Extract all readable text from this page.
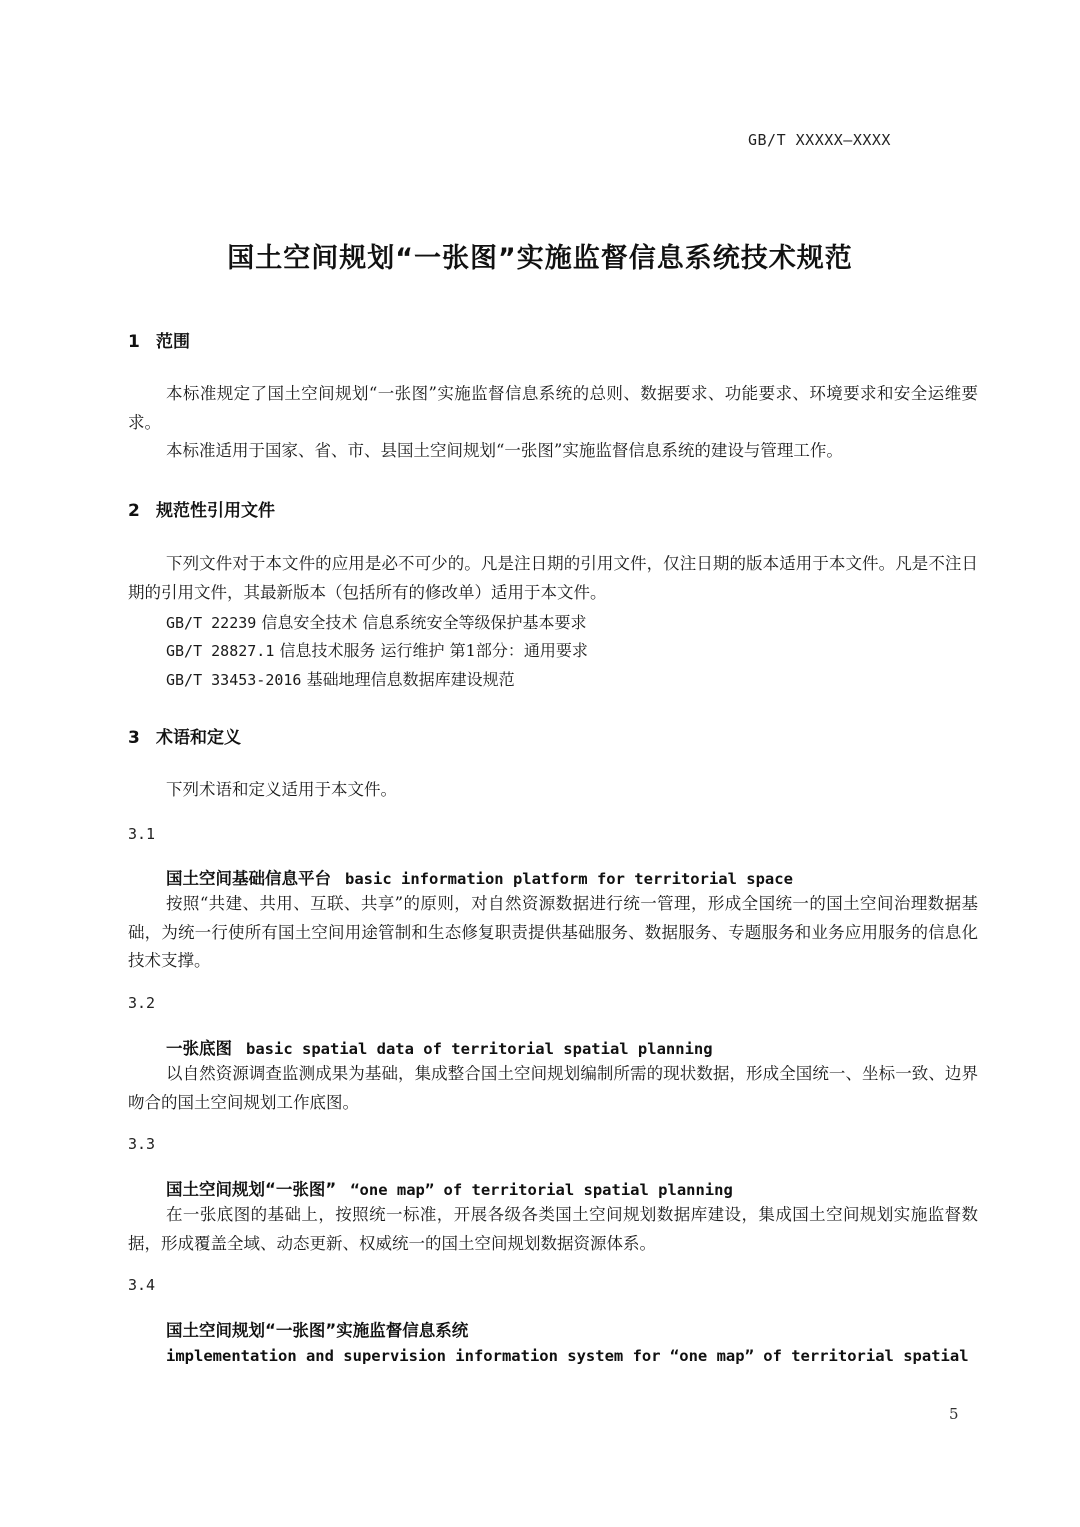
GB/T XXXXX—XXXX
国土空间规划“一张图”实施监督信息系统技术规范
1 范围
本标准规定了国土空间规划“一张图”实施监督信息系统的总则、数据要求、功能要求、环境要求和安全运维要求。
本标准适用于国家、省、市、县国土空间规划“一张图”实施监督信息系统的建设与管理工作。
2 规范性引用文件
下列文件对于本文件的应用是必不可少的。凡是注日期的引用文件，仅注日期的版本适用于本文件。凡是不注日期的引用文件，其最新版本（包括所有的修改单）适用于本文件。
GB/T 22239 信息安全技术 信息系统安全等级保护基本要求
GB/T 28827.1 信息技术服务 运行维护 第1部分：通用要求
GB/T 33453-2016 基础地理信息数据库建设规范
3 术语和定义
下列术语和定义适用于本文件。
3.1
国土空间基础信息平台 basic information platform for territorial space
按照“共建、共用、互联、共享”的原则，对自然资源数据进行统一管理，形成全国统一的国土空间治理数据基础，为统一行使所有国土空间用途管制和生态修复职责提供基础服务、数据服务、专题服务和业务应用服务的信息化技术支撑。
3.2
一张底图 basic spatial data of territorial spatial planning
以自然资源调查监测成果为基础，集成整合国土空间规划编制所需的现状数据，形成全国统一、坐标一致、边界吻合的国土空间规划工作底图。
3.3
国土空间规划“一张图” “one map” of territorial spatial planning
在一张底图的基础上，按照统一标准，开展各级各类国土空间规划数据库建设，集成国土空间规划实施监督数据，形成覆盖全域、动态更新、权威统一的国土空间规划数据资源体系。
3.4
国土空间规划“一张图”实施监督信息系统
implementation and supervision information system for “one map” of territorial spatial
5
